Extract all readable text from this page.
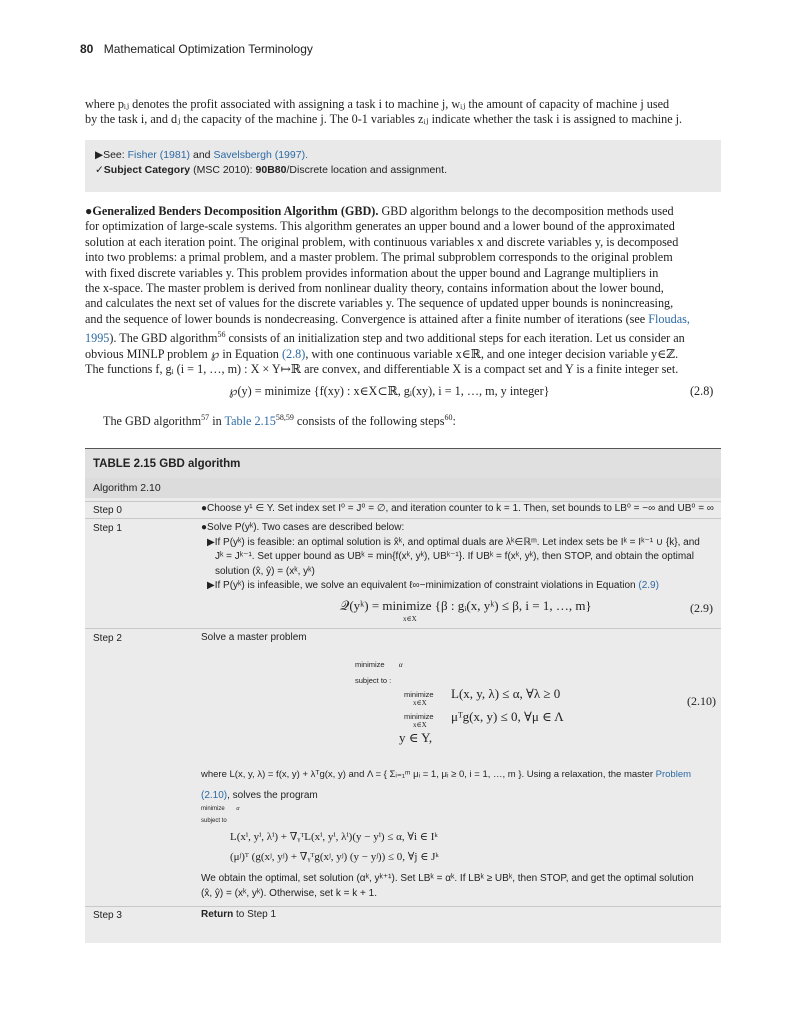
80 Mathematical Optimization Terminology
where pᵢⱼ denotes the profit associated with assigning a task i to machine j, wᵢⱼ the amount of capacity of machine j used
by the task i, and dⱼ the capacity of the machine j. The 0-1 variables zᵢⱼ indicate whether the task i is assigned to machine j.
▶See: Fisher (1981) and Savelsbergh (1997).
✓Subject Category (MSC 2010): 90B80/Discrete location and assignment.
●Generalized Benders Decomposition Algorithm (GBD). GBD algorithm belongs to the decomposition methods used
for optimization of large-scale systems. This algorithm generates an upper bound and a lower bound of the approximated
solution at each iteration point. The original problem, with continuous variables x and discrete variables y, is decomposed
into two problems: a primal problem, and a master problem. The primal subproblem corresponds to the original problem
with fixed discrete variables y. This problem provides information about the upper bound and Lagrange multipliers in
the x-space. The master problem is derived from nonlinear duality theory, contains information about the lower bound,
and calculates the next set of values for the discrete variables y. The sequence of updated upper bounds is nonincreasing,
and the sequence of lower bounds is nondecreasing. Convergence is attained after a finite number of iterations (see Floudas,
1995). The GBD algorithm$^{56}$ consists of an initialization step and two additional steps for each iteration. Let us consider an
obvious MINLP problem ℘ in Equation (2.8), with one continuous variable x∈ℝ, and one integer decision variable y∈ℤ.
The functions f, gᵢ (i = 1, …, m) : X × Y↦ℝ are convex, and differentiable X is a compact set and Y is a finite integer set.
℘(y) = minimize {f(xy) : x∈X⊂ℝ, gᵢ(xy), i = 1, …, m, y integer}	(2.8)
The GBD algorithm$^{57}$ in Table 2.15$^{58,59}$ consists of the following steps$^{60}$:
TABLE 2.15 GBD algorithm
Algorithm 2.10
Step 0	●Choose y¹ ∈ Y. Set index set I⁰ = J⁰ = ∅, and iteration counter to k = 1. Then, set bounds to LB⁰ = −∞ and UB⁰ = ∞
Step 1	●Solve P(yᵏ). Two cases are described below:
▶If P(yᵏ) is feasible: an optimal solution is x̂ᵏ, and optimal duals are λᵏ∈ℝᵐ. Let index sets be Iᵏ = Iᵏ⁻¹ ∪ {k}, and
Jᵏ = Jᵏ⁻¹. Set upper bound as UBᵏ = min{f(xᵏ, yᵏ), UBᵏ⁻¹}. If UBᵏ = f(xᵏ, yᵏ), then STOP, and obtain the optimal
solution (x̂, ŷ) = (xᵏ, yᵏ)
▶If P(yᵏ) is infeasible, we solve an equivalent ℓ∞−minimization of constraint violations in Equation (2.9)
𝒬(yᵏ) = minimize {β : gᵢ(x, yᵏ) ≤ β, i = 1, …, m}
x∈X
(2.9)
Step 2	Solve a master problem
minimize α
subject to :
minimize
x∈X
L(x, y, λ) ≤ α, ∀λ ≥ 0
minimize
x∈X
μᵀg(x, y) ≤ 0, ∀μ ∈ Λ
y ∈ Y,
(2.10)
where L(x, y, λ) = f(x, y) + λᵀg(x, y) and Λ = { Σᵢ₌₁ᵐ μᵢ = 1, μᵢ ≥ 0, i = 1, …, m }. Using a relaxation, the master Problem
(2.10), solves the program
minimize α
subject to
L(xⁱ, yⁱ, λⁱ) + ∇ᵧᵀL(xⁱ, yⁱ, λⁱ)(y − yⁱ) ≤ α, ∀i ∈ Iᵏ
(μʲ)ᵀ (g(xʲ, yʲ) + ∇ᵧᵀg(xʲ, yʲ) (y − yʲ)) ≤ 0, ∀j ∈ Jᵏ
We obtain the optimal, set solution (αᵏ, yᵏ⁺¹). Set LBᵏ = αᵏ. If LBᵏ ≥ UBᵏ, then STOP, and get the optimal solution
(x̂, ŷ) = (xᵏ, yᵏ). Otherwise, set k = k + 1.
Step 3	Return to Step 1
